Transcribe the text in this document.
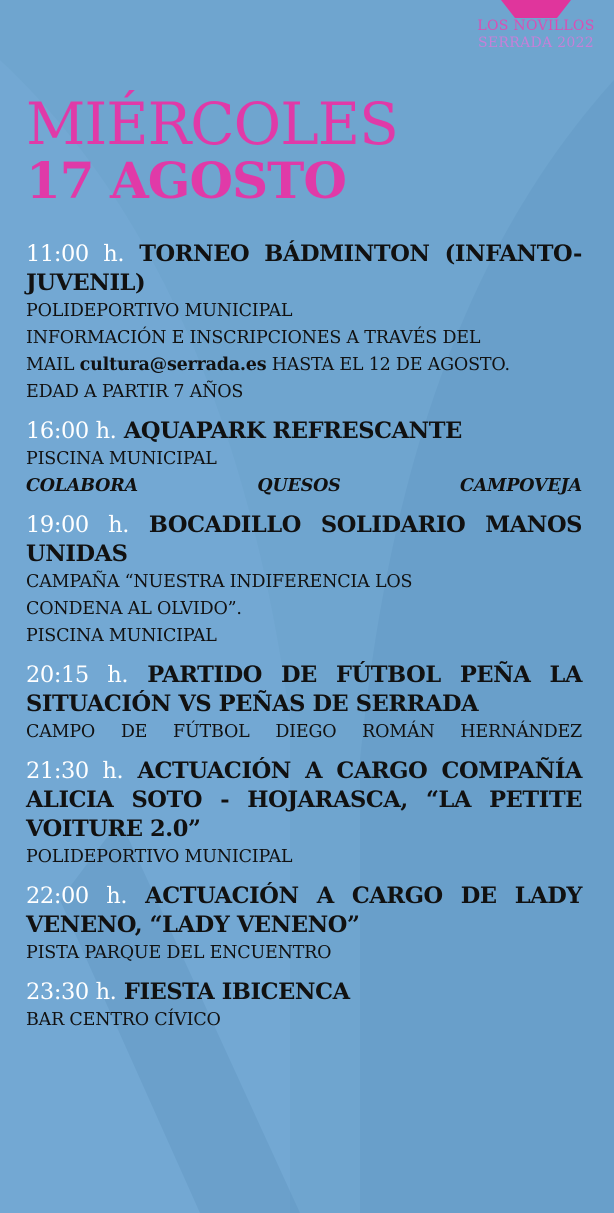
LOS NOVILLOS
SERRADA 2022
MIÉRCOLES
17 AGOSTO
11:00 h. TORNEO BÁDMINTON (INFANTO-JUVENIL)
POLIDEPORTIVO MUNICIPAL
INFORMACIÓN E INSCRIPCIONES A TRAVÉS DEL
MAIL cultura@serrada.es HASTA EL 12 DE AGOSTO.
EDAD A PARTIR 7 AÑOS
16:00 h. AQUAPARK REFRESCANTE
PISCINA MUNICIPAL
COLABORA QUESOS CAMPOVEJA
19:00 h. BOCADILLO SOLIDARIO MANOS UNIDAS
CAMPAÑA “NUESTRA INDIFERENCIA LOS
CONDENA AL OLVIDO”.
PISCINA MUNICIPAL
20:15 h. PARTIDO DE FÚTBOL PEÑA LA SITUACIÓN VS PEÑAS DE SERRADA
CAMPO DE FÚTBOL DIEGO ROMÁN HERNÁNDEZ
21:30 h. ACTUACIÓN A CARGO COMPAÑÍA ALICIA SOTO - HOJARASCA, “LA PETITE VOITURE 2.0”
POLIDEPORTIVO MUNICIPAL
22:00 h. ACTUACIÓN A CARGO DE LADY VENENO, “LADY VENENO”
PISTA PARQUE DEL ENCUENTRO
23:30 h. FIESTA IBICENCA
BAR CENTRO CÍVICO
